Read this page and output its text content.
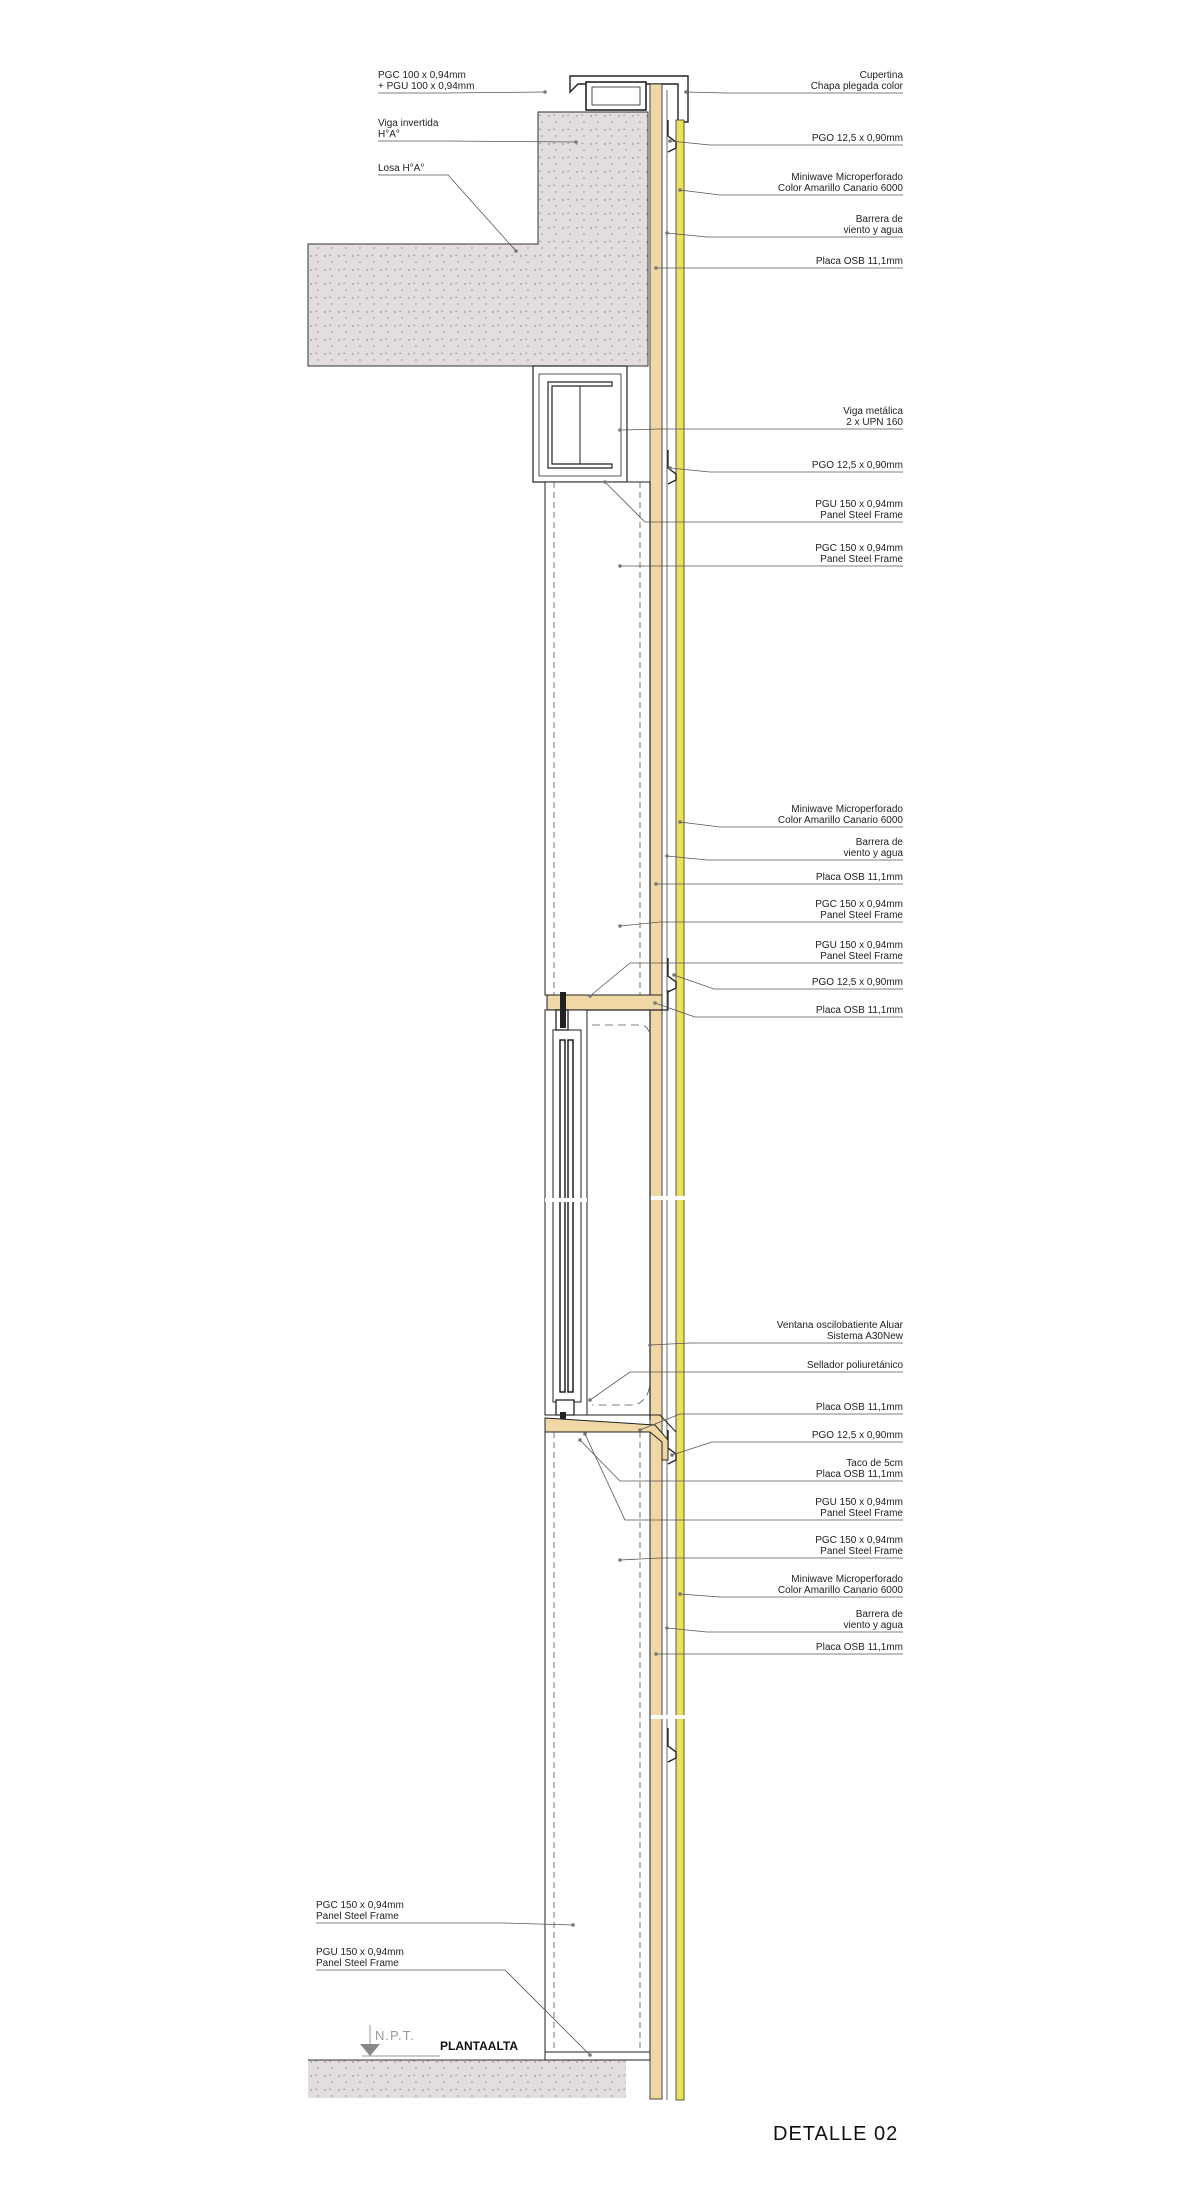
N.P.T.
PLANTAALTA
DETALLE 02
Cupertina
Chapa plegada color
PGO 12,5 x 0,90mm
Miniwave Microperforado
Color Amarillo Canario 6000
Barrera de
viento y agua
Placa OSB 11,1mm
Viga metálica
2 x UPN 160
PGO 12,5 x 0,90mm
PGU 150 x 0,94mm
Panel Steel Frame
PGC 150 x 0,94mm
Panel Steel Frame
Miniwave Microperforado
Color Amarillo Canario 6000
Barrera de
viento y agua
Placa OSB 11,1mm
PGC 150 x 0,94mm
Panel Steel Frame
PGU 150 x 0,94mm
Panel Steel Frame
PGO 12,5 x 0,90mm
Placa OSB 11,1mm
Ventana oscilobatiente Aluar
Sistema A30New
Sellador poliuretánico
Placa OSB 11,1mm
PGO 12,5 x 0,90mm
Taco de 5cm
Placa OSB 11,1mm
PGU 150 x 0,94mm
Panel Steel Frame
PGC 150 x 0,94mm
Panel Steel Frame
Miniwave Microperforado
Color Amarillo Canario 6000
Barrera de
viento y agua
Placa OSB 11,1mm
PGC 100 x 0,94mm
+ PGU 100 x 0,94mm
Viga invertida
H°A°
Losa H°A°
PGC 150 x 0,94mm
Panel Steel Frame
PGU 150 x 0,94mm
Panel Steel Frame
